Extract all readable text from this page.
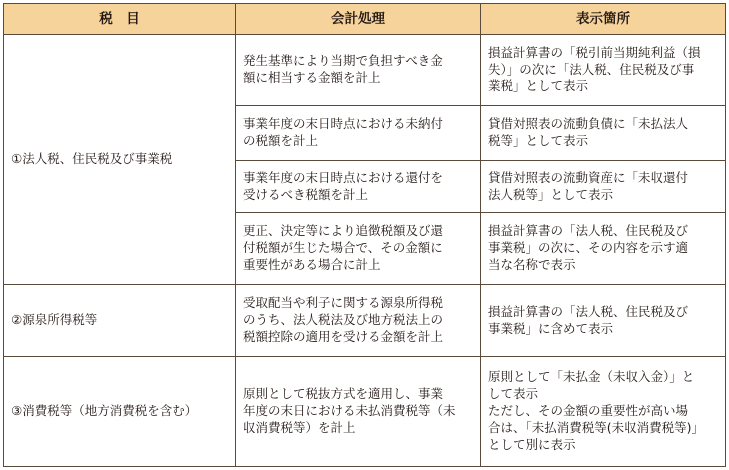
税　目	会計処理	表示箇所
①法人税、住民税及び事業税	発生基準により当期で負担すべき金
額に相当する金額を計上	損益計算書の「税引前当期純利益（損
失）」の次に「法人税、住民税及び事
業税」として表示
	事業年度の末日時点における未納付
の税額を計上	貸借対照表の流動負債に「未払法人
税等」として表示
	事業年度の末日時点における還付を
受けるべき税額を計上	貸借対照表の流動資産に「未収還付
法人税等」として表示
	更正、決定等により追徴税額及び還
付税額が生じた場合で、その金額に
重要性がある場合に計上	損益計算書の「法人税、住民税及び
事業税」の次に、その内容を示す適
当な名称で表示
②源泉所得税等	受取配当や利子に関する源泉所得税
のうち、法人税法及び地方税法上の
税額控除の適用を受ける金額を計上	損益計算書の「法人税、住民税及び
事業税」に含めて表示
③消費税等（地方消費税を含む）	原則として税抜方式を適用し、事業
年度の末日における未払消費税等（未
収消費税等）を計上	原則として「未払金（未収入金）」と
して表示
ただし、その金額の重要性が高い場
合は、「未払消費税等(未収消費税等)」
として別に表示
